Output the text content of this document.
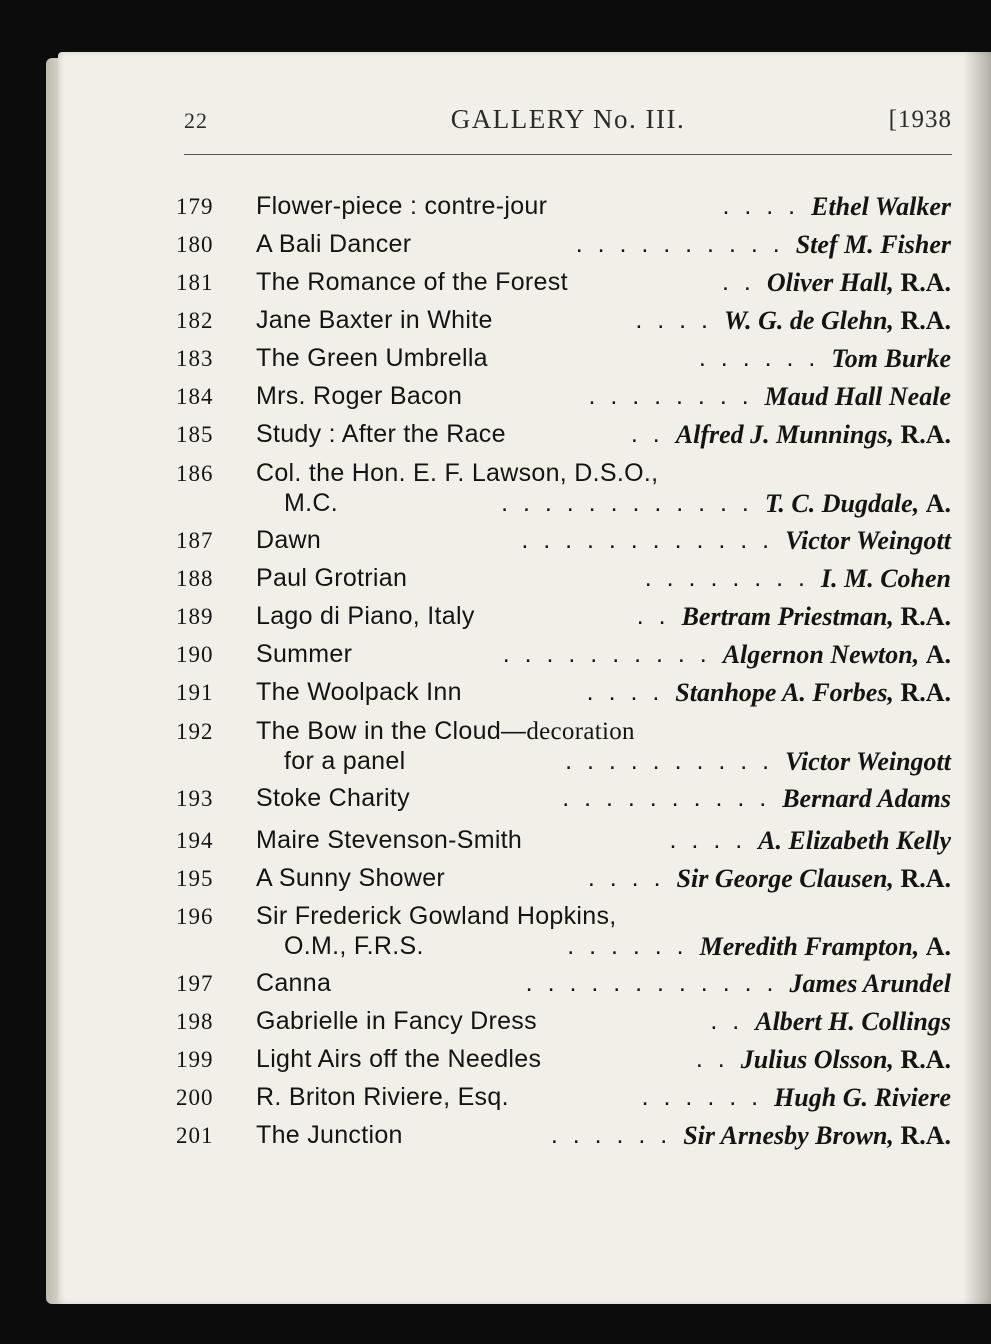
22	GALLERY No. III.	[1938
179	Flower-piece : contre-jour	. . . . Ethel Walker
180	A Bali Dancer	. . . . . . . . . . Stef M. Fisher
181	The Romance of the Forest	. . Oliver Hall, R.A.
182	Jane Baxter in White	. . . . W. G. de Glehn, R.A.
183	The Green Umbrella	. . . . . . Tom Burke
184	Mrs. Roger Bacon	. . . . . . . . Maud Hall Neale
185	Study : After the Race	. . Alfred J. Munnings, R.A.
186	Col. the Hon. E. F. Lawson, D.S.O.,
M.C.	. . . . . . . . . . . . T. C. Dugdale, A.
187	Dawn	. . . . . . . . . . . . Victor Weingott
188	Paul Grotrian	. . . . . . . . I. M. Cohen
189	Lago di Piano, Italy	. . Bertram Priestman, R.A.
190	Summer	. . . . . . . . . . Algernon Newton, A.
191	The Woolpack Inn	. . . . Stanhope A. Forbes, R.A.
192	The Bow in the Cloud—decoration
for a panel	. . . . . . . . . . Victor Weingott
193	Stoke Charity	. . . . . . . . . . Bernard Adams
194	Maire Stevenson-Smith	. . . . A. Elizabeth Kelly
195	A Sunny Shower	. . . . Sir George Clausen, R.A.
196	Sir Frederick Gowland Hopkins,
O.M., F.R.S.	. . . . . . Meredith Frampton, A.
197	Canna	. . . . . . . . . . . . James Arundel
198	Gabrielle in Fancy Dress	. . Albert H. Collings
199	Light Airs off the Needles	. . Julius Olsson, R.A.
200	R. Briton Riviere, Esq.	. . . . . . Hugh G. Riviere
201	The Junction	. . . . . . Sir Arnesby Brown, R.A.
